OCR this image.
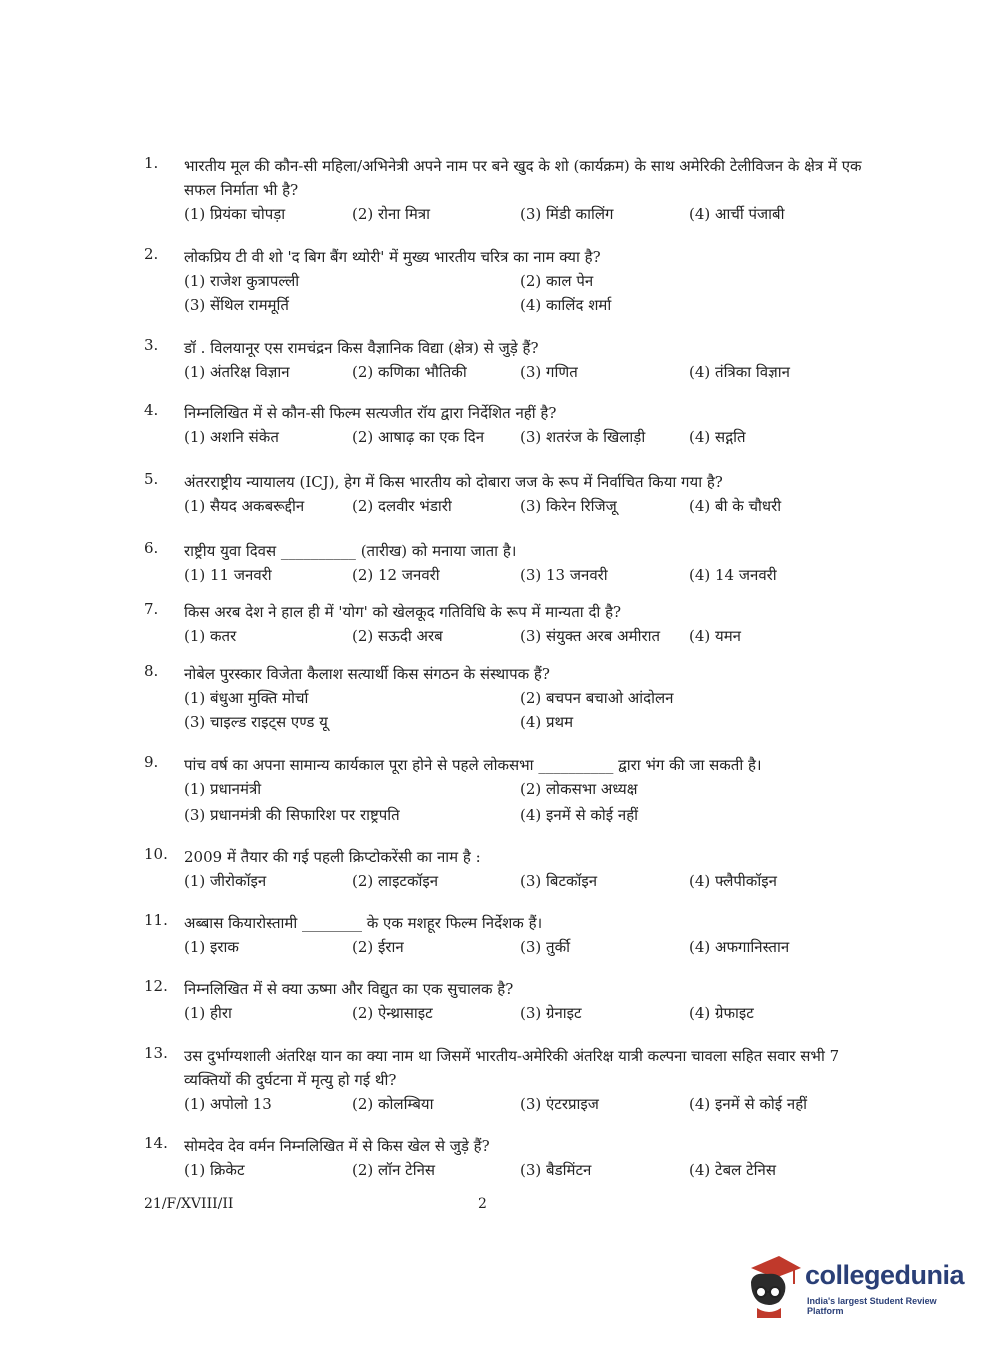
1. भारतीय मूल की कौन-सी महिला/अभिनेत्री अपने नाम पर बने खुद के शो (कार्यक्रम) के साथ अमेरिकी टेलीविजन के क्षेत्र में एक सफल निर्माता भी है?
(1) प्रियंका चोपड़ा	(2) रोना मित्रा	(3) मिंडी कालिंग	(4) आर्ची पंजाबी
2. लोकप्रिय टी वी शो 'द बिग बैंग थ्योरी' में मुख्य भारतीय चरित्र का नाम क्या है?
(1) राजेश कुत्रापल्ली	(2) काल पेन
(3) सेंथिल राममूर्ति	(4) कालिंद शर्मा
3. डॉ . विलयानूर एस रामचंद्रन किस वैज्ञानिक विद्या (क्षेत्र) से जुड़े हैं?
(1) अंतरिक्ष विज्ञान	(2) कणिका भौतिकी	(3) गणित	(4) तंत्रिका विज्ञान
4. निम्नलिखित में से कौन-सी फिल्म सत्यजीत रॉय द्वारा निर्देशित नहीं है?
(1) अशनि संकेत	(2) आषाढ़ का एक दिन (3) शतरंज के खिलाड़ी	(4) सद्गति
5. अंतरराष्ट्रीय न्यायालय (ICJ), हेग में किस भारतीय को दोबारा जज के रूप में निर्वाचित किया गया है?
(1) सैयद अकबरूद्दीन	(2) दलवीर भंडारी	(3) किरेन रिजिजू	(4) बी के चौधरी
6. राष्ट्रीय युवा दिवस __________ (तारीख) को मनाया जाता है।
(1) 11 जनवरी	(2) 12 जनवरी	(3) 13 जनवरी	(4) 14 जनवरी
7. किस अरब देश ने हाल ही में 'योग' को खेलकूद गतिविधि के रूप में मान्यता दी है?
(1) कतर	(2) सऊदी अरब	(3) संयुक्त अरब अमीरात (4) यमन
8. नोबेल पुरस्कार विजेता कैलाश सत्यार्थी किस संगठन के संस्थापक हैं?
(1) बंधुआ मुक्ति मोर्चा	(2) बचपन बचाओ आंदोलन
(3) चाइल्ड राइट्स एण्ड यू	(4) प्रथम
9. पांच वर्ष का अपना सामान्य कार्यकाल पूरा होने से पहले लोकसभा __________ द्वारा भंग की जा सकती है।
(1) प्रधानमंत्री	(2) लोकसभा अध्यक्ष
(3) प्रधानमंत्री की सिफारिश पर राष्ट्रपति	(4) इनमें से कोई नहीं
10. 2009 में तैयार की गई पहली क्रिप्टोकरेंसी का नाम है :
(1) जीरोकॉइन	(2) लाइटकॉइन	(3) बिटकॉइन	(4) फ्लैपीकॉइन
11. अब्बास कियारोस्तामी ________ के एक मशहूर फिल्म निर्देशक हैं।
(1) इराक	(2) ईरान	(3) तुर्की	(4) अफगानिस्तान
12. निम्नलिखित में से क्या ऊष्मा और विद्युत का एक सुचालक है?
(1) हीरा	(2) ऐन्थ्रासाइट	(3) ग्रेनाइट	(4) ग्रेफाइट
13. उस दुर्भाग्यशाली अंतरिक्ष यान का क्या नाम था जिसमें भारतीय-अमेरिकी अंतरिक्ष यात्री कल्पना चावला सहित सवार सभी 7 व्यक्तियों की दुर्घटना में मृत्यु हो गई थी?
(1) अपोलो 13	(2) कोलम्बिया	(3) एंटरप्राइज	(4) इनमें से कोई नहीं
14. सोमदेव देव वर्मन निम्नलिखित में से किस खेल से जुड़े हैं?
(1) क्रिकेट	(2) लॉन टेनिस	(3) बैडमिंटन	(4) टेबल टेनिस
21/F/XVIII/II	2
collegedunia
India's largest Student Review Platform
